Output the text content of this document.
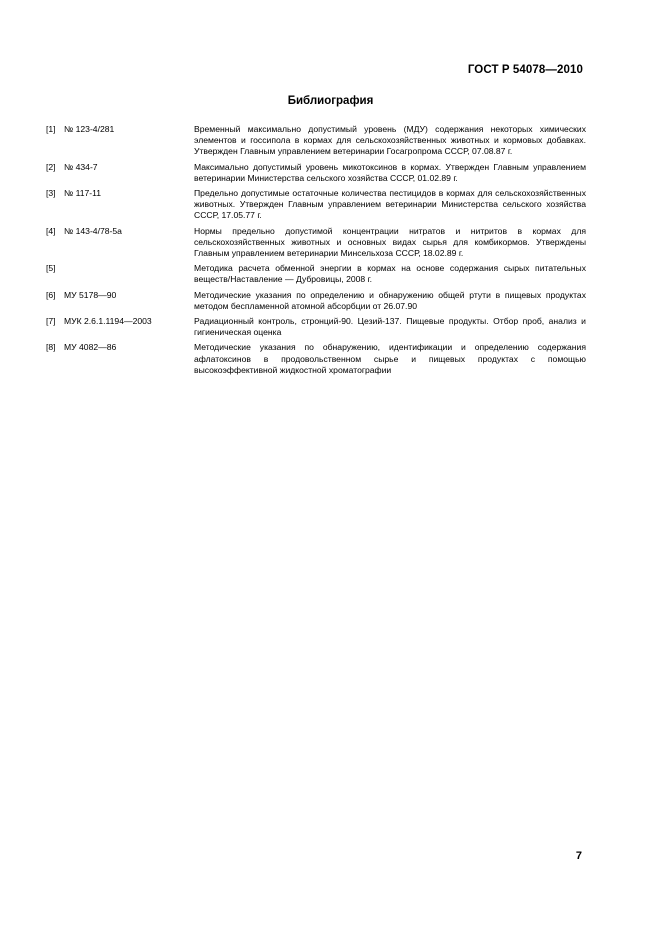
ГОСТ Р 54078—2010
Библиография
[1] № 123-4/281	Временный максимально допустимый уровень (МДУ) содержания некоторых химических элементов и госсипола в кормах для сельскохозяйственных животных и кормовых добавках. Утвержден Главным управлением ветеринарии Госагропрома СССР, 07.08.87 г.
[2] № 434-7	Максимально допустимый уровень микотоксинов в кормах. Утвержден Главным управлением ветеринарии Министерства сельского хозяйства СССР, 01.02.89 г.
[3] № 117-11	Предельно допустимые остаточные количества пестицидов в кормах для сельскохозяйственных животных. Утвержден Главным управлением ветеринарии Министерства сельского хозяйства СССР, 17.05.77 г.
[4] № 143-4/78-5а	Нормы предельно допустимой концентрации нитратов и нитритов в кормах для сельскохозяйственных животных и основных видах сырья для комбикормов. Утверждены Главным управлением ветеринарии Минсельхоза СССР, 18.02.89 г.
[5]	Методика расчета обменной энергии в кормах на основе содержания сырых питательных веществ/Наставление — Дубровицы, 2008 г.
[6] МУ 5178—90	Методические указания по определению и обнаружению общей ртути в пищевых продуктах методом беспламенной атомной абсорбции от 26.07.90
[7] МУК 2.6.1.1194—2003	Радиационный контроль, стронций-90. Цезий-137. Пищевые продукты. Отбор проб, анализ и гигиеническая оценка
[8] МУ 4082—86	Методические указания по обнаружению, идентификации и определению содержания афлатоксинов в продовольственном сырье и пищевых продуктах с помощью высокоэффективной жидкостной хроматографии
7
